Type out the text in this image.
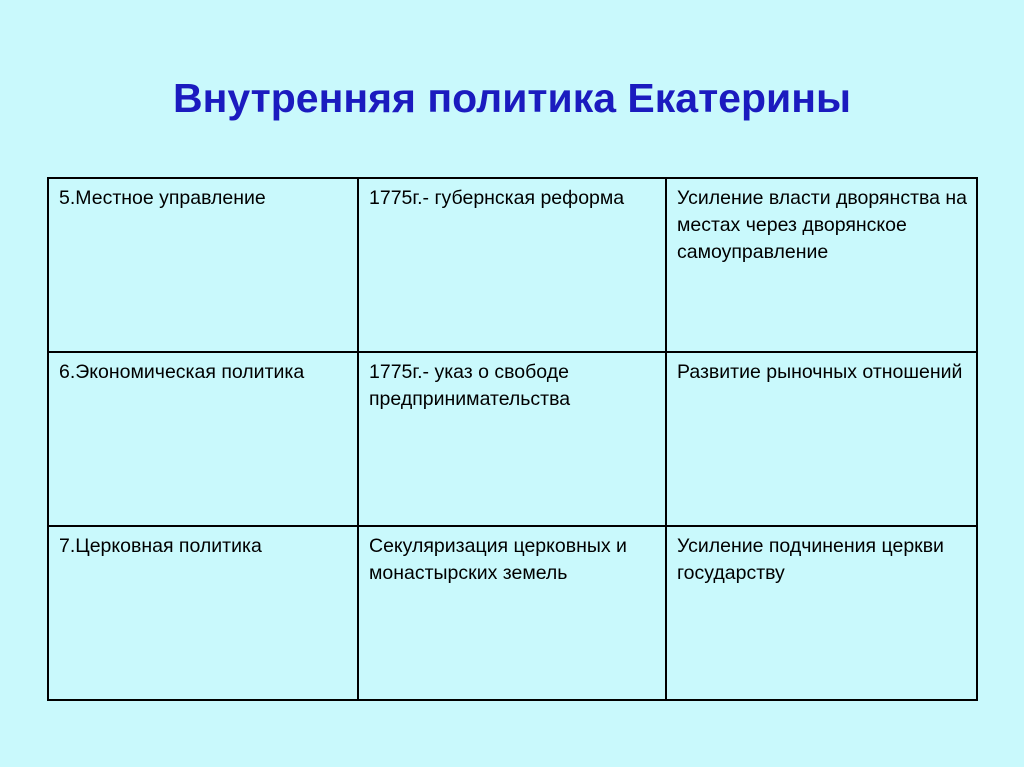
Внутренняя политика Екатерины
5.Местное управление	1775г.- губернская реформа	Усиление власти дворянства на местах через дворянское самоуправление
6.Экономическая политика	1775г.- указ о свободе предпринимательства	Развитие рыночных отношений
7.Церковная политика	Секуляризация церковных и монастырских земель	Усиление подчинения церкви государству
